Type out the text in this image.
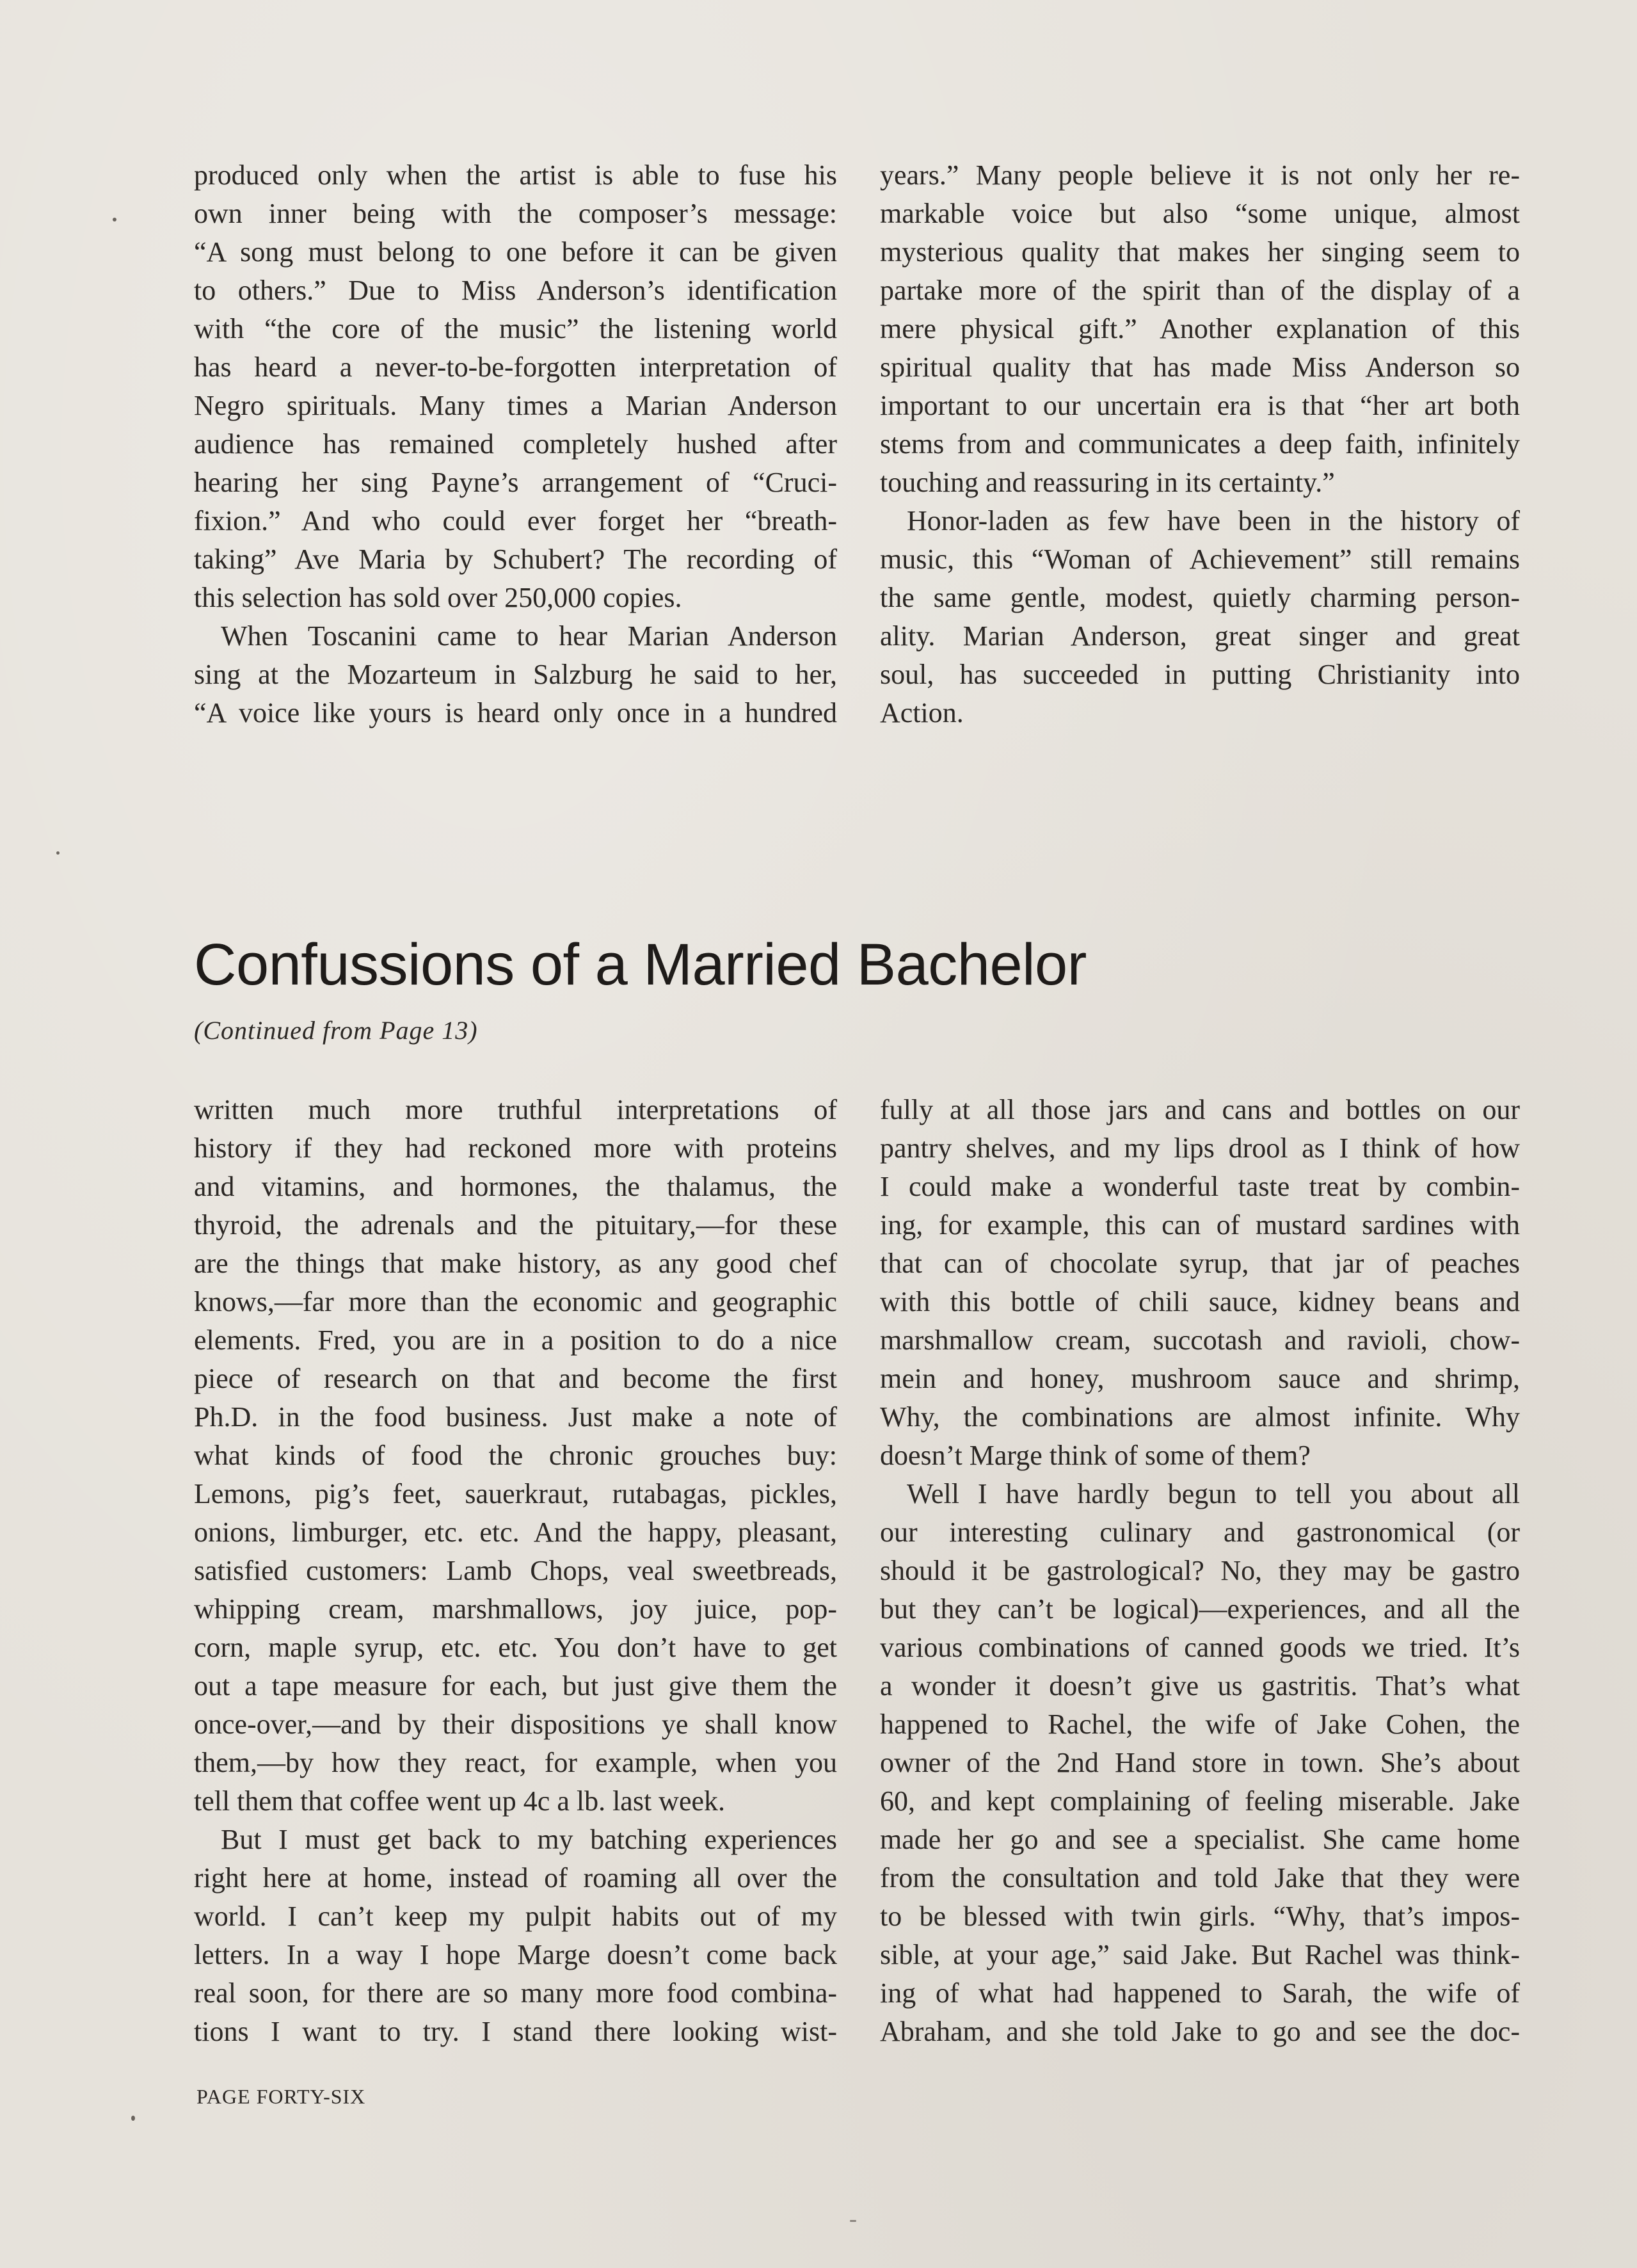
produced only when the artist is able to fuse his
own inner being with the composer’s message:
“A song must belong to one before it can be given
to others.” Due to Miss Anderson’s identification
with “the core of the music” the listening world
has heard a never-to-be-forgotten interpretation of
Negro spirituals. Many times a Marian Anderson
audience has remained completely hushed after
hearing her sing Payne’s arrangement of “Cruci-
fixion.” And who could ever forget her “breath-
taking” Ave Maria by Schubert? The recording of
this selection has sold over 250,000 copies.
When Toscanini came to hear Marian Anderson
sing at the Mozarteum in Salzburg he said to her,
“A voice like yours is heard only once in a hundred
years.” Many people believe it is not only her re-
markable voice but also “some unique, almost
mysterious quality that makes her singing seem to
partake more of the spirit than of the display of a
mere physical gift.” Another explanation of this
spiritual quality that has made Miss Anderson so
important to our uncertain era is that “her art both
stems from and communicates a deep faith, infinitely
touching and reassuring in its certainty.”
Honor-laden as few have been in the history of
music, this “Woman of Achievement” still remains
the same gentle, modest, quietly charming person-
ality. Marian Anderson, great singer and great
soul, has succeeded in putting Christianity into
Action.
Confussions of a Married Bachelor
(Continued from Page 13)
written much more truthful interpretations of
history if they had reckoned more with proteins
and vitamins, and hormones, the thalamus, the
thyroid, the adrenals and the pituitary,—for these
are the things that make history, as any good chef
knows,—far more than the economic and geographic
elements. Fred, you are in a position to do a nice
piece of research on that and become the first
Ph.D. in the food business. Just make a note of
what kinds of food the chronic grouches buy:
Lemons, pig’s feet, sauerkraut, rutabagas, pickles,
onions, limburger, etc. etc. And the happy, pleasant,
satisfied customers: Lamb Chops, veal sweetbreads,
whipping cream, marshmallows, joy juice, pop-
corn, maple syrup, etc. etc. You don’t have to get
out a tape measure for each, but just give them the
once-over,—and by their dispositions ye shall know
them,—by how they react, for example, when you
tell them that coffee went up 4c a lb. last week.
But I must get back to my batching experiences
right here at home, instead of roaming all over the
world. I can’t keep my pulpit habits out of my
letters. In a way I hope Marge doesn’t come back
real soon, for there are so many more food combina-
tions I want to try. I stand there looking wist-
fully at all those jars and cans and bottles on our
pantry shelves, and my lips drool as I think of how
I could make a wonderful taste treat by combin-
ing, for example, this can of mustard sardines with
that can of chocolate syrup, that jar of peaches
with this bottle of chili sauce, kidney beans and
marshmallow cream, succotash and ravioli, chow-
mein and honey, mushroom sauce and shrimp,
Why, the combinations are almost infinite. Why
doesn’t Marge think of some of them?
Well I have hardly begun to tell you about all
our interesting culinary and gastronomical (or
should it be gastrological? No, they may be gastro
but they can’t be logical)—experiences, and all the
various combinations of canned goods we tried. It’s
a wonder it doesn’t give us gastritis. That’s what
happened to Rachel, the wife of Jake Cohen, the
owner of the 2nd Hand store in town. She’s about
60, and kept complaining of feeling miserable. Jake
made her go and see a specialist. She came home
from the consultation and told Jake that they were
to be blessed with twin girls. “Why, that’s impos-
sible, at your age,” said Jake. But Rachel was think-
ing of what had happened to Sarah, the wife of
Abraham, and she told Jake to go and see the doc-
PAGE FORTY-SIX
